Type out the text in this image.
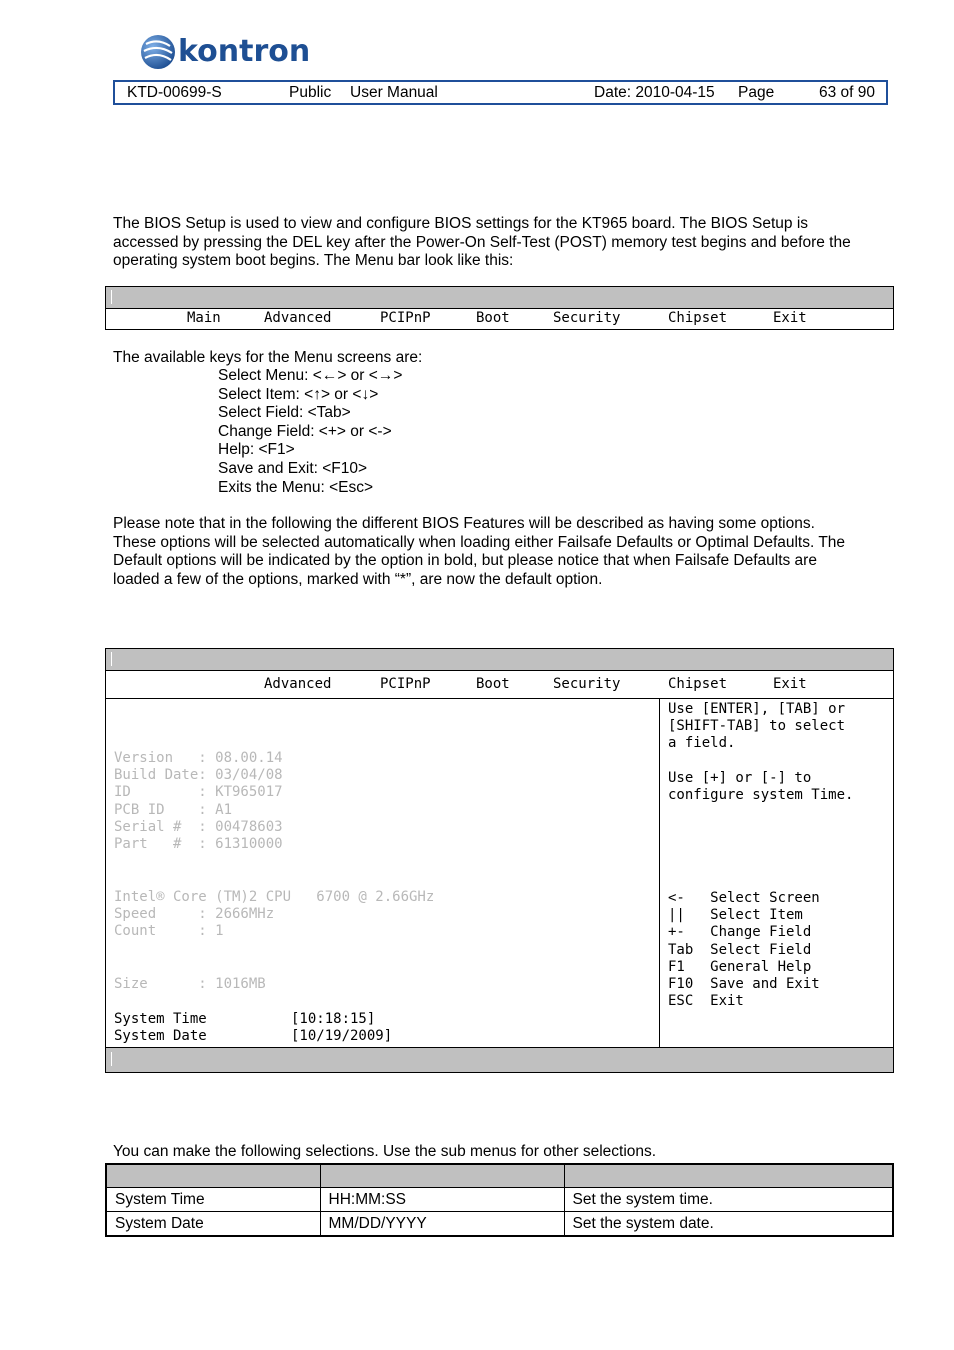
kontron
KTD-00699-S	Public User Manual	Date: 2010-04-15 Page	63 of 90
The BIOS Setup is used to view and configure BIOS settings for the KT965 board. The BIOS Setup is
accessed by pressing the DEL key after the Power-On Self-Test (POST) memory test begins and before the
operating system boot begins. The Menu bar look like this:
Main	Advanced	PCIPnP	Boot	Security	Chipset	Exit
The available keys for the Menu screens are:
Select Menu: <←> or <→>
Select Item: <↑> or <↓>
Select Field: <Tab>
Change Field: <+> or <->
Help: <F1>
Save and Exit: <F10>
Exits the Menu: <Esc>
Please note that in the following the different BIOS Features will be described as having some options.
These options will be selected automatically when loading either Failsafe Defaults or Optimal Defaults. The
Default options will be indicated by the option in bold, but please notice that when Failsafe Defaults are
loaded a few of the options, marked with “*”, are now the default option.
Advanced	PCIPnP	Boot	Security	Chipset	Exit
Version   : 08.00.14
Build Date: 03/04/08
ID        : KT965017
PCB ID    : A1
Serial #  : 00478603
Part   #  : 61310000
Intel® Core (TM)2 CPU   6700 @ 2.66GHz
Speed     : 2666MHz
Count     : 1
Size      : 1016MB
System Time          [10:18:15]
System Date          [10/19/2009]
Use [ENTER], [TAB] or
[SHIFT-TAB] to select
a field.
Use [+] or [-] to
configure system Time.
<-   Select Screen
||   Select Item
+-   Change Field
Tab  Select Field
F1   General Help
F10  Save and Exit
ESC  Exit
You can make the following selections. Use the sub menus for other selections.

System Time	HH:MM:SS	Set the system time.
System Date	MM/DD/YYYY	Set the system date.
